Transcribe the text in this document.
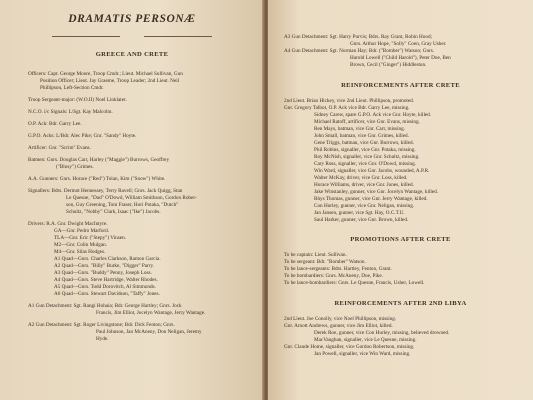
DRAMATIS PERSONÆ
GREECE AND CRETE
Officers: Capt. George Moore, Troop Cmdr.; Lieut. Michael Sullivan, Gun
Position Officer; Lieut. Jay Graeme, Troop Leader; 2nd Lieut. Neil
Phillipson, Left-Section Cmdr.
Troop Sergeant-major: (W.O.II) Noel Linklater.
N.C.O. i/c Signals: L/Sgt. Kay Malcolm.
O.P. Ack: Bdr. Garry Lee.
G.P.O. Acks: L/Bdr. Alec Pike; Gnr. "Sandy" Hoyte.
Artificer: Gnr. "Scrim" Evans.
Batmen: Gnrs. Douglas Carr, Harley ("Maggie") Burrows, Geoffrey
("Blosy") Grimes.
A.A. Gunners: Gnrs. Horace ("Red") Tolan, Kim ("Snow") White.
Signallers: Bdrs. Dermot Hennessey, Terry Ravell; Gnrs. Jack Quigg, Stan
Le Quesne, "Dad" O'Dowd, William Smithson, Gordon Rober-
son, Guy Greening, Tom Fraser, Hori Potaka, "Dutch"
Schultz, "Nobby" Clark, Isaac ("Ike") Jacobs.
Drivers: R.A. Gnr. Dwight MacIntyre.
GA—Gnr. Pedro Marford.
TLA—Gnr. Eric ("Stepy") Vinsen.
M2—Gnr. Colin Mulgan.
M4—Gnr. Silas Hodges.
A1 Quad—Gnrs. Charles Clarkson, Ramon Garcia.
A2 Quad—Gnrs. "Billy" Burke, "Digger" Parry.
A3 Quad—Gnrs. "Buddy" Penny, Joseph Loss.
A4 Quad—Gnrs. Steve Hartridge, Walter Rhodes.
A5 Quad—Gnrs. Todd Dorovitch, Al Simmonds.
A6 Quad—Gnrs. Stewart Davidson, "Taffy" Jones.
A1 Gun Detachment: Sgt. Rangi Hohaia; Bdr. George Hartley; Gnrs. Jock
Francis, Jim Elliot, Jocelyn Wantage, Jerry Wantage.
A2 Gun Detachment: Sgt. Roger Livingstone; Bdr. Dick Fenton; Gnrs.
Paul Johnson, Jan McAneny, Don Neligan, Jeremy
Hyde.
A3 Gun Detachment: Sgt. Harry Purvis; Bdrs. Ray Grant, Robin Hood;
Gnrs. Arthur Hope, "Solly" Coen, Gray Usher.
A4 Gun Detachment: Sgt. Norman Hay; Bdr. ("Bomber") Watson; Gnrs.
Harold Lowell ("Child Harold"), Peter Doe, Ben
Brown, Cecil ("Ginger") Hiddleston.
REINFORCEMENTS AFTER CRETE
2nd Lieut. Brian Hickey, vice 2nd Lieut. Phillipson, promoted.
Gnr. Gregory Talbot, O.P. Ack vice Bdr. Garry Lee, missing.
Sidney Carew, spare G.P.O. Ack vice Gnr. Hoyte, killed.
Michael Ratoff, artificer, vice Gnr. Evans, missing.
Ren Mays, batman, vice Gnr. Carr, missing.
John Small, batman, vice Gnr. Grimes, killed.
Gene Triggs, batman, vice Gnr. Burrows, killed.
Phil Robins, signaller, vice Gnr. Potaka, missing.
Roy McNish, signaller, vice Gnr. Schultz, missing.
Cary Ross, signaller, vice Gnr. O'Dowd, missing.
Win Ward, signaller, vice Gnr. Jacobs, wounded, A.P.R.
Walter McKay, driver, vice Gnr. Loss, killed.
Horace Williams, driver, vice Gnr. Jones, killed.
Jake Winstanley, gunner, vice Gnr. Jocelyn Wantage, killed.
Rhys Thomas, gunner, vice Gnr. Jerry Wantage, killed.
Con Hurley, gunner, vice Gnr. Neligan, missing.
Jan Jansen, gunner, vice Sgt. Hay, O.C.T.U.
Saul Harker, gunner, vice Gnr. Brown, killed.
PROMOTIONS AFTER CRETE
To be captain: Lieut. Sullivan.
To be sergeant: Bdr. "Bomber" Watson.
To be lance-sergeants: Bdrs. Hartley, Fenton, Grant.
To be bombardiers: Gnrs. McAneny, Doe, Pike.
To be lance-bombardiers: Gnrs. Le Quesne, Francis, Usher, Lowell.
REINFORCEMENTS AFTER 2ND LIBYA
2nd Lieut. Joe Conolly, vice Noel Phillipson, missing.
Gnr. Arnott Andrews, gunner, vice Jim Elliot, killed.
Derek Roe, gunner, vice Con Hurley, missing, believed drowned.
MacVaughan, signaller, vice Le Quesne, missing.
Gnr. Claude Home, signaller, vice Gordon Robertson, missing.
Jan Powell, signaller, vice Win Ward, missing.
